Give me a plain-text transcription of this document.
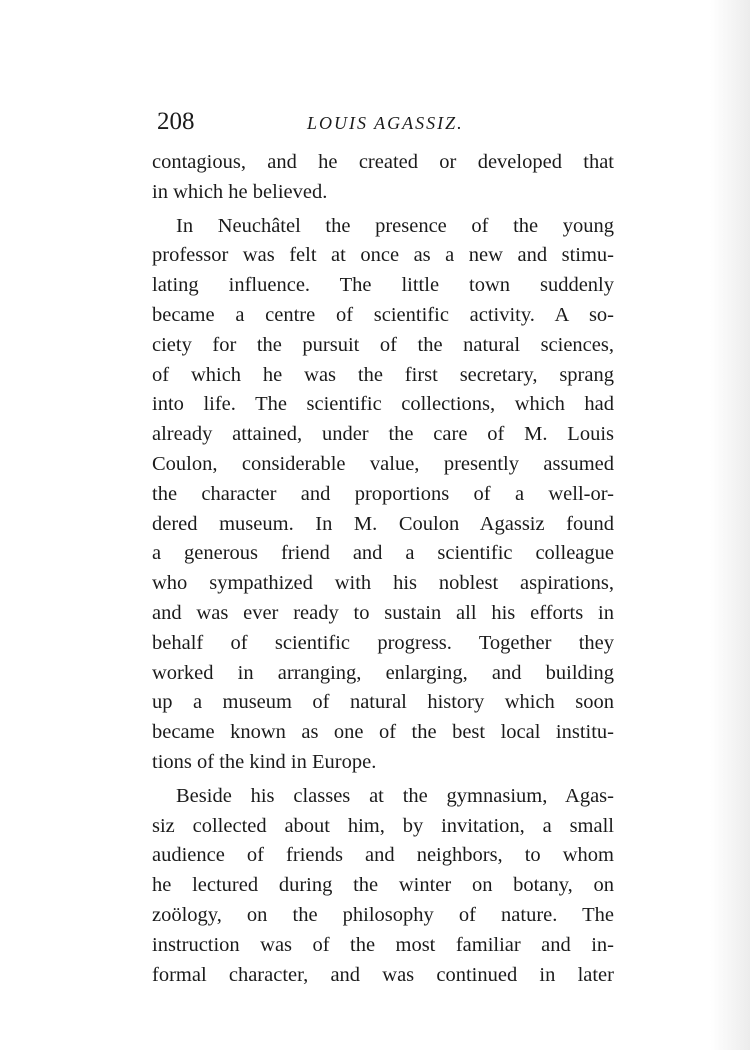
208	LOUIS AGASSIZ.
contagious, and he created or developed that
in which he believed.
In Neuchâtel the presence of the young
professor was felt at once as a new and stimu-
lating influence. The little town suddenly
became a centre of scientific activity. A so-
ciety for the pursuit of the natural sciences,
of which he was the first secretary, sprang
into life. The scientific collections, which had
already attained, under the care of M. Louis
Coulon, considerable value, presently assumed
the character and proportions of a well-or-
dered museum. In M. Coulon Agassiz found
a generous friend and a scientific colleague
who sympathized with his noblest aspirations,
and was ever ready to sustain all his efforts in
behalf of scientific progress. Together they
worked in arranging, enlarging, and building
up a museum of natural history which soon
became known as one of the best local institu-
tions of the kind in Europe.
Beside his classes at the gymnasium, Agas-
siz collected about him, by invitation, a small
audience of friends and neighbors, to whom
he lectured during the winter on botany, on
zoölogy, on the philosophy of nature. The
instruction was of the most familiar and in-
formal character, and was continued in later
